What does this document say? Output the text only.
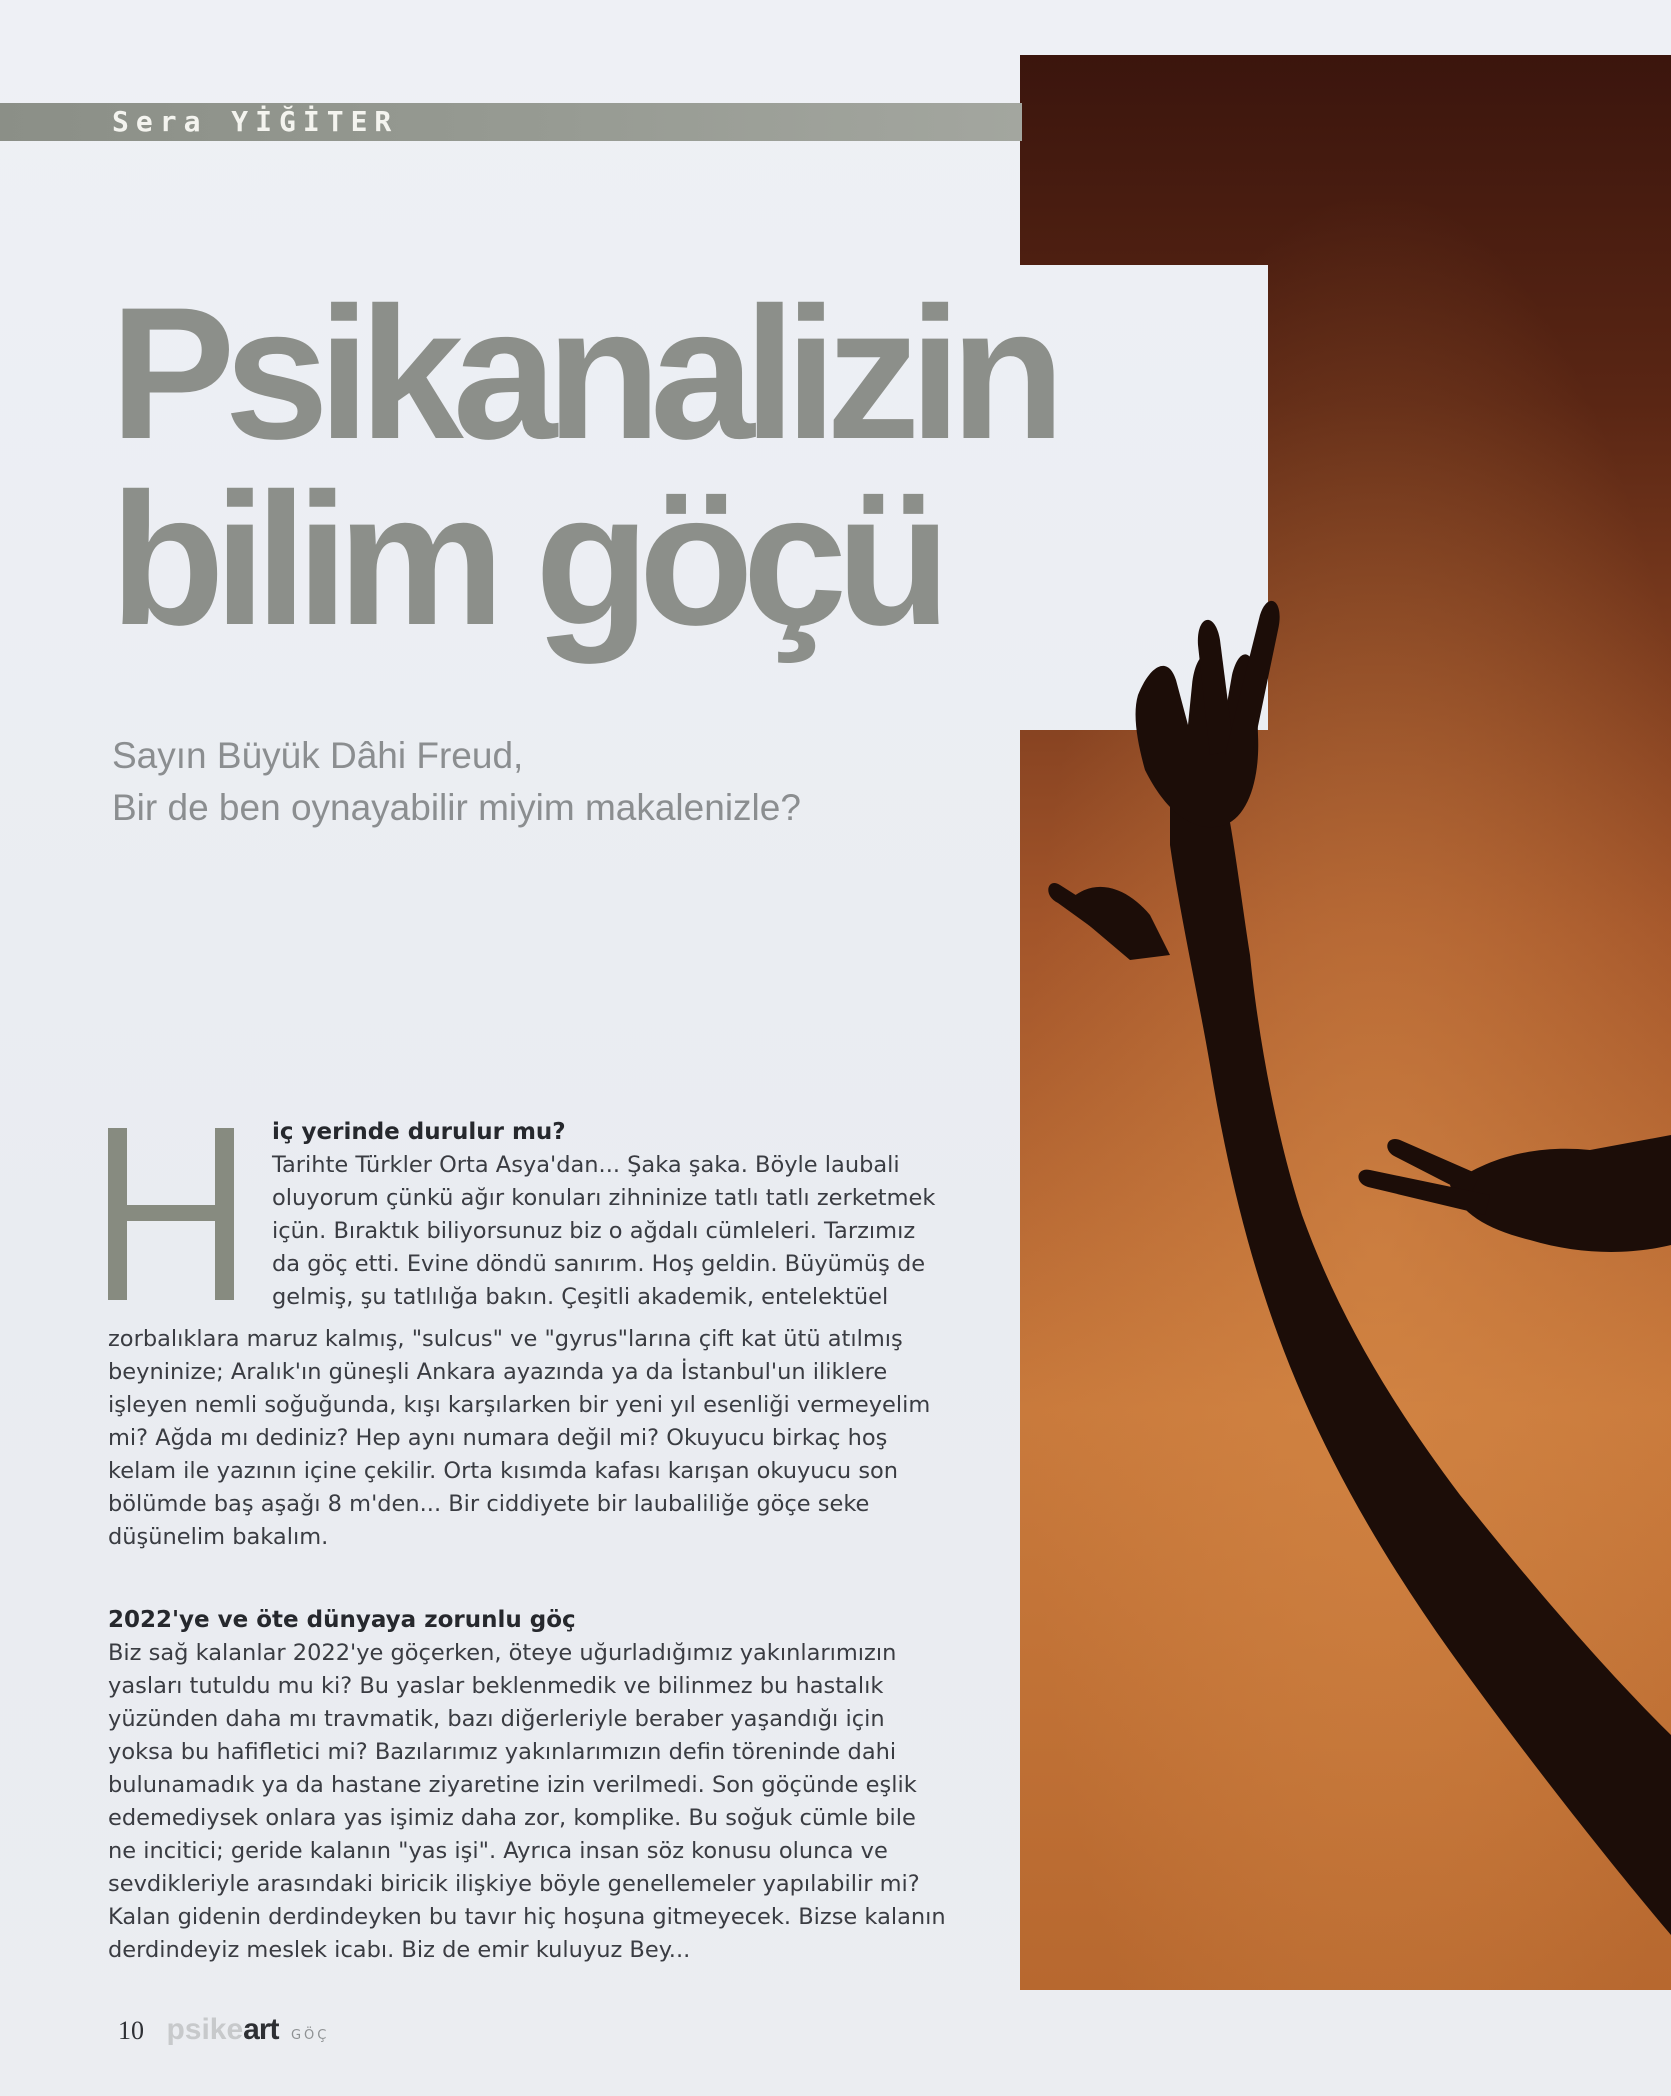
Sera YİĞİTER
Psikanalizin
bilim göçü

Sayın Büyük Dâhi Freud,
Bir de ben oynayabilir miyim makalenizle?

iç yerinde durulur mu?
Tarihte Türkler Orta Asya'dan... Şaka şaka. Böyle laubali
oluyorum çünkü ağır konuları zihninize tatlı tatlı zerketmek
içün. Bıraktık biliyorsunuz biz o ağdalı cümleleri. Tarzımız
da göç etti. Evine döndü sanırım. Hoş geldin. Büyümüş de
gelmiş, şu tatlılığa bakın. Çeşitli akademik, entelektüel
zorbalıklara maruz kalmış, "sulcus" ve "gyrus"larına çift kat ütü atılmış
beyninize; Aralık'ın güneşli Ankara ayazında ya da İstanbul'un iliklere
işleyen nemli soğuğunda, kışı karşılarken bir yeni yıl esenliği vermeyelim
mi? Ağda mı dediniz? Hep aynı numara değil mi? Okuyucu birkaç hoş
kelam ile yazının içine çekilir. Orta kısımda kafası karışan okuyucu son
bölümde baş aşağı 8 m'den... Bir ciddiyete bir laubaliliğe göçe seke
düşünelim bakalım.
2022'ye ve öte dünyaya zorunlu göç
Biz sağ kalanlar 2022'ye göçerken, öteye uğurladığımız yakınlarımızın
yasları tutuldu mu ki? Bu yaslar beklenmedik ve bilinmez bu hastalık
yüzünden daha mı travmatik, bazı diğerleriyle beraber yaşandığı için
yoksa bu hafifletici mi? Bazılarımız yakınlarımızın defin töreninde dahi
bulunamadık ya da hastane ziyaretine izin verilmedi. Son göçünde eşlik
edemediysek onlara yas işimiz daha zor, komplike. Bu soğuk cümle bile
ne incitici; geride kalanın "yas işi". Ayrıca insan söz konusu olunca ve
sevdikleriyle arasındaki biricik ilişkiye böyle genellemeler yapılabilir mi?
Kalan gidenin derdindeyken bu tavır hiç hoşuna gitmeyecek. Bizse kalanın
derdindeyiz meslek icabı. Biz de emir kuluyuz Bey...
10 psikeart GÖÇ
